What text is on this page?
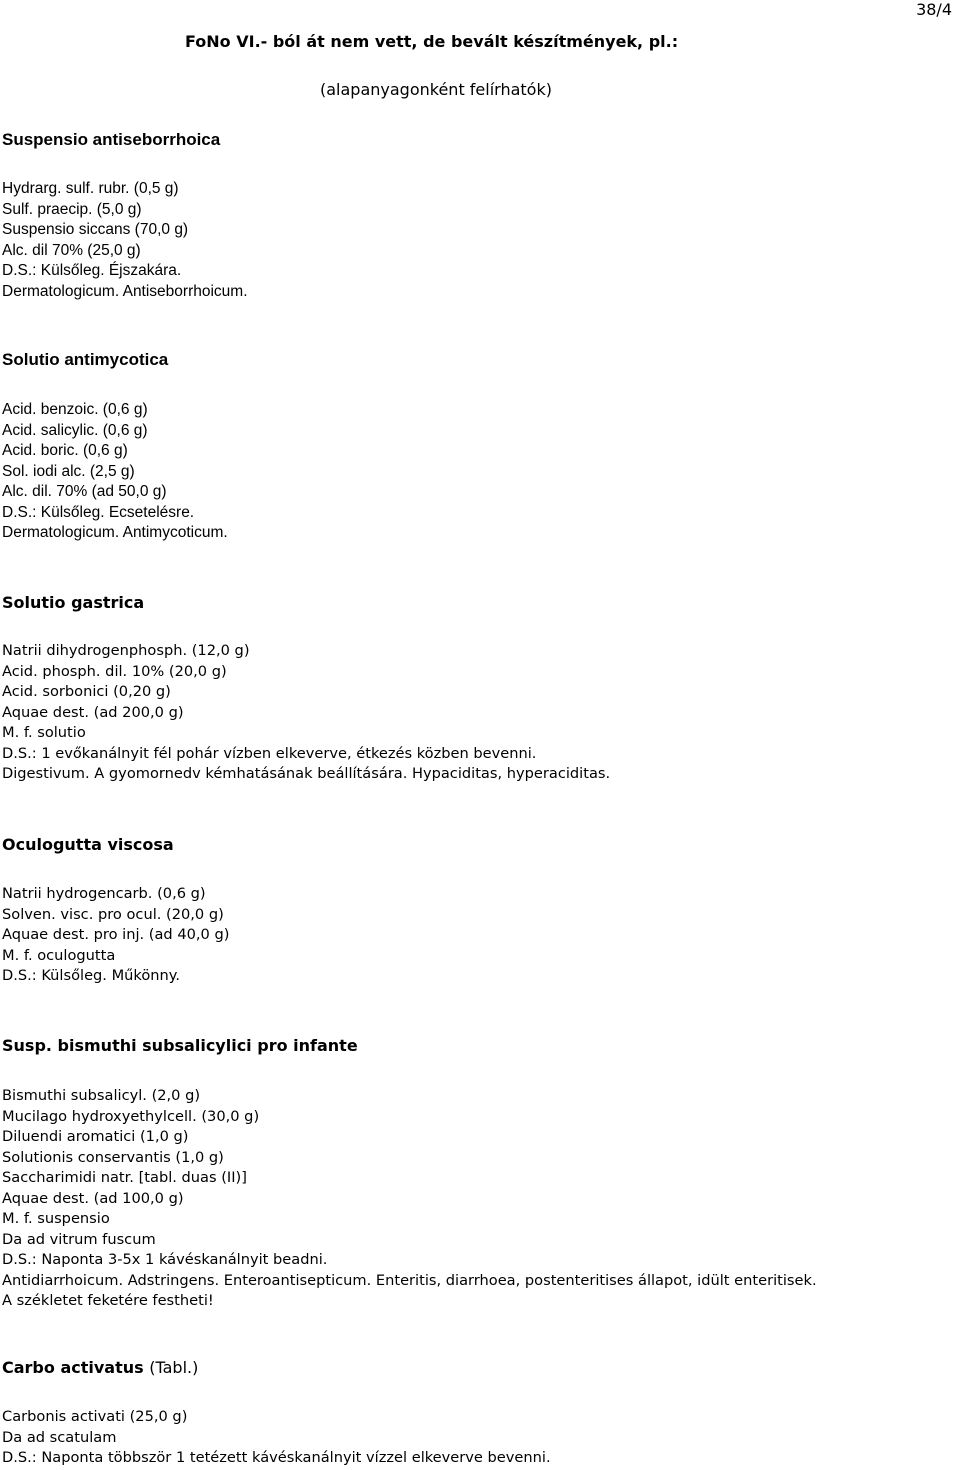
38/4
FoNo VI.- ból át nem vett, de bevált készítmények, pl.:
(alapanyagonként felírhatók)
Suspensio antiseborrhoica
Hydrarg. sulf. rubr. (0,5 g)
Sulf. praecip. (5,0 g)
Suspensio siccans (70,0 g)
Alc. dil 70% (25,0 g)
D.S.: Külsőleg. Éjszakára.
Dermatologicum. Antiseborrhoicum.
Solutio antimycotica
Acid. benzoic. (0,6 g)
Acid. salicylic. (0,6 g)
Acid. boric. (0,6 g)
Sol. iodi alc. (2,5 g)
Alc. dil. 70% (ad 50,0 g)
D.S.: Külsőleg. Ecsetelésre.
Dermatologicum. Antimycoticum.
Solutio gastrica
Natrii dihydrogenphosph. (12,0 g)
Acid. phosph. dil. 10% (20,0 g)
Acid. sorbonici (0,20 g)
Aquae dest. (ad 200,0 g)
M. f. solutio
D.S.: 1 evőkanálnyit fél pohár vízben elkeverve, étkezés közben bevenni.
Digestivum. A gyomornedv kémhatásának beállítására. Hypaciditas, hyperaciditas.
Oculogutta viscosa
Natrii hydrogencarb. (0,6 g)
Solven. visc. pro ocul. (20,0 g)
Aquae dest. pro inj. (ad 40,0 g)
M. f. oculogutta
D.S.: Külsőleg. Műkönny.
Susp. bismuthi subsalicylici pro infante
Bismuthi subsalicyl. (2,0 g)
Mucilago hydroxyethylcell. (30,0 g)
Diluendi aromatici (1,0 g)
Solutionis conservantis (1,0 g)
Saccharimidi natr. [tabl. duas (II)]
Aquae dest. (ad 100,0 g)
M. f. suspensio
Da ad vitrum fuscum
D.S.: Naponta 3-5x 1 kávéskanálnyit beadni.
Antidiarrhoicum. Adstringens. Enteroantisepticum. Enteritis, diarrhoea, postenteritises állapot, idült enteritisek.
A székletet feketére festheti!
Carbo activatus (Tabl.)
Carbonis activati (25,0 g)
Da ad scatulam
D.S.: Naponta többször 1 tetézett kávéskanálnyit vízzel elkeverve bevenni.
